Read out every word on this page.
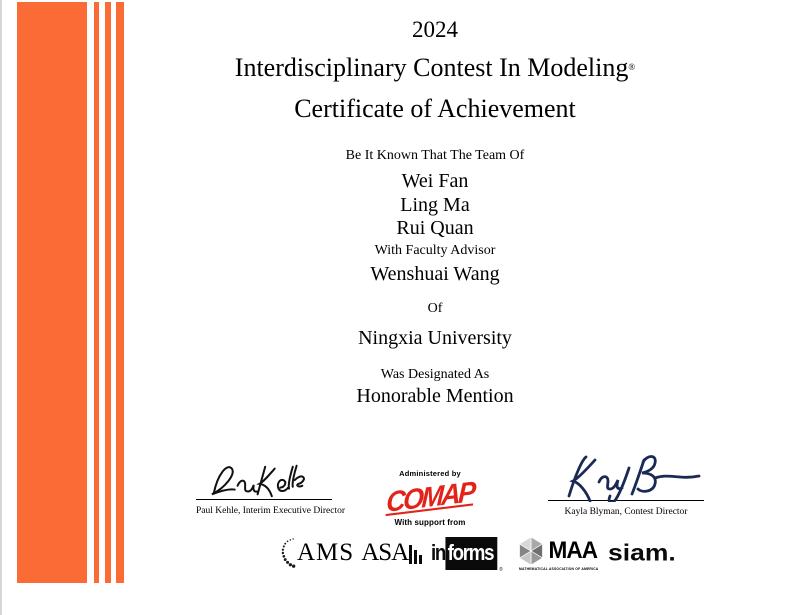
2024
Interdisciplinary Contest In Modeling®
Certificate of Achievement
Be It Known That The Team Of
Wei Fan
Ling Ma
Rui Quan
With Faculty Advisor
Wenshuai Wang
Of
Ningxia University
Was Designated As
Honorable Mention
Paul Kehle, Interim Executive Director
Administered by
COMAP
With support from
Kayla Blyman, Contest Director
AMS ASA in forms
®
MAA
MATHEMATICAL ASSOCIATION OF AMERICA
siam.
